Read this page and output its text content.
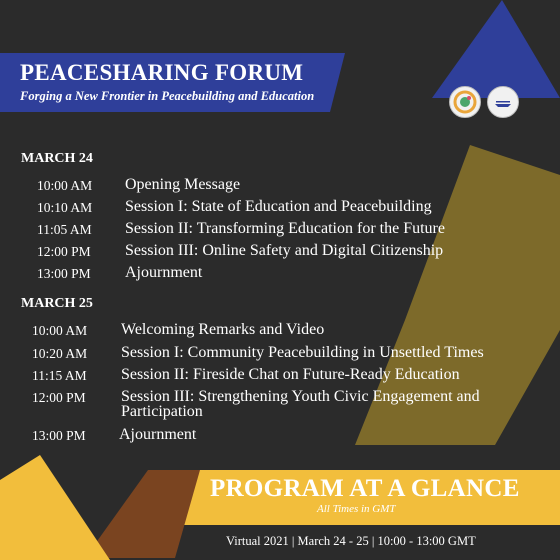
PEACESHARING FORUM
Forging a New Frontier in Peacebuilding and Education
MARCH 24
10:00 AM Opening Message
10:10 AM Session I: State of Education and Peacebuilding
11:05 AM Session II: Transforming Education for the Future
12:00 PM Session III: Online Safety and Digital Citizenship
13:00 PM Ajournment
MARCH 25
10:00 AM Welcoming Remarks and Video
10:20 AM Session I: Community Peacebuilding in Unsettled Times
11:15 AM Session II: Fireside Chat on Future-Ready Education
12:00 PM Session III: Strengthening Youth Civic Engagement and Participation
13:00 PM Ajournment
PROGRAM AT A GLANCE
All Times in GMT
Virtual 2021 | March 24 - 25 | 10:00 - 13:00 GMT
